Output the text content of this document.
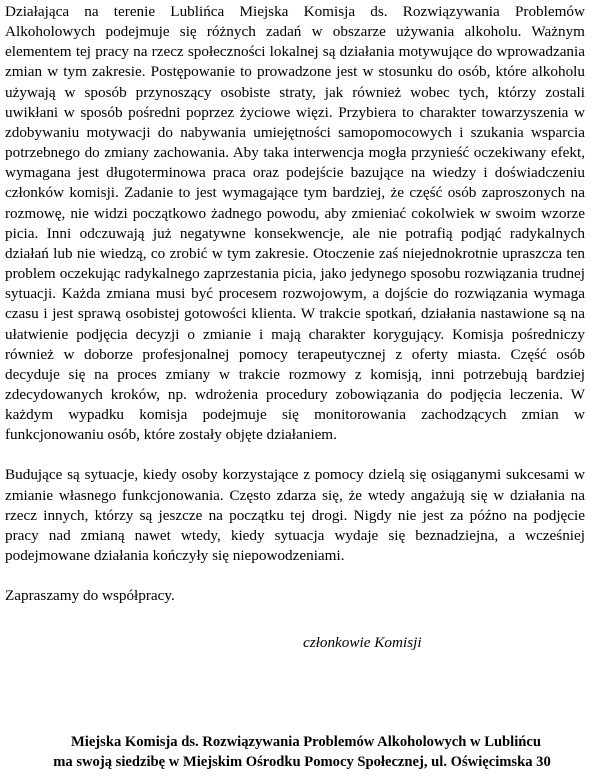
Działająca na terenie Lublińca Miejska Komisja ds. Rozwiązywania Problemów Alkoholowych podejmuje się różnych zadań w obszarze używania alkoholu. Ważnym elementem tej pracy na rzecz społeczności lokalnej są działania motywujące do wprowadzania zmian w tym zakresie. Postępowanie to prowadzone jest w stosunku do osób, które alkoholu używają w sposób przynoszący osobiste straty, jak również wobec tych, którzy zostali uwikłani w sposób pośredni poprzez życiowe więzi. Przybiera to charakter towarzyszenia w zdobywaniu motywacji do nabywania umiejętności samopomocowych i szukania wsparcia potrzebnego do zmiany zachowania. Aby taka interwencja mogła przynieść oczekiwany efekt, wymagana jest długoterminowa praca oraz podejście bazujące na wiedzy i doświadczeniu członków komisji. Zadanie to jest wymagające tym bardziej, że część osób zaproszonych na rozmowę, nie widzi początkowo żadnego powodu, aby zmieniać cokolwiek w swoim wzorze picia. Inni odczuwają już negatywne konsekwencje, ale nie potrafią podjąć radykalnych działań lub nie wiedzą, co zrobić w tym zakresie. Otoczenie zaś niejednokrotnie upraszcza ten problem oczekując radykalnego zaprzestania picia, jako jedynego sposobu rozwiązania trudnej sytuacji. Każda zmiana musi być procesem rozwojowym, a dojście do rozwiązania wymaga czasu i jest sprawą osobistej gotowości klienta. W trakcie spotkań, działania nastawione są na ułatwienie podjęcia decyzji o zmianie i mają charakter korygujący. Komisja pośredniczy również w doborze profesjonalnej pomocy terapeutycznej z oferty miasta. Część osób decyduje się na proces zmiany w trakcie rozmowy z komisją, inni potrzebują bardziej zdecydowanych kroków, np. wdrożenia procedury zobowiązania do podjęcia leczenia. W każdym wypadku komisja podejmuje się monitorowania zachodzących zmian w funkcjonowaniu osób, które zostały objęte działaniem.

Budujące są sytuacje, kiedy osoby korzystające z pomocy dzielą się osiąganymi sukcesami w zmianie własnego funkcjonowania. Często zdarza się, że wtedy angażują się w działania na rzecz innych, którzy są jeszcze na początku tej drogi. Nigdy nie jest za późno na podjęcie pracy nad zmianą nawet wtedy, kiedy sytuacja wydaje się beznadziejna, a wcześniej podejmowane działania kończyły się niepowodzeniami.

Zapraszamy do współpracy.

członkowie Komisji
Miejska Komisja ds. Rozwiązywania Problemów Alkoholowych w Lublińcu
ma swoją siedzibę w Miejskim Ośrodku Pomocy Społecznej, ul. Oświęcimska 30
